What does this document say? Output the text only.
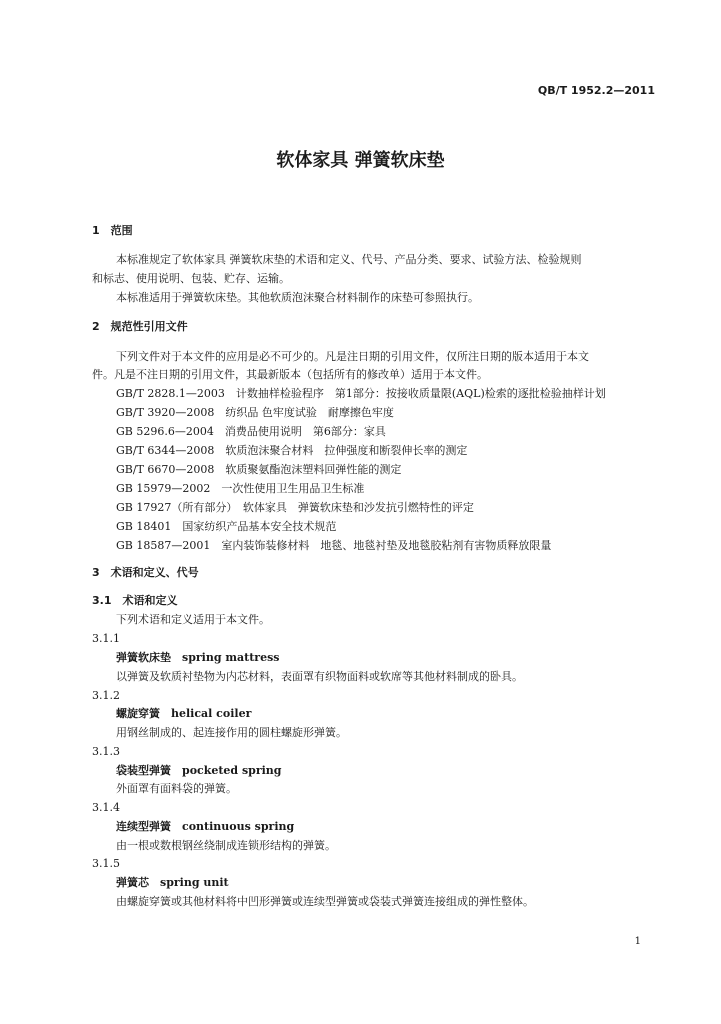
QB/T 1952.2—2011
软体家具 弹簧软床垫
1　范围
本标准规定了软体家具 弹簧软床垫的术语和定义、代号、产品分类、要求、试验方法、检验规则
和标志、使用说明、包装、贮存、运输。
本标准适用于弹簧软床垫。其他软质泡沫聚合材料制作的床垫可参照执行。
2　规范性引用文件
下列文件对于本文件的应用是必不可少的。凡是注日期的引用文件，仅所注日期的版本适用于本文
件。凡是不注日期的引用文件，其最新版本（包括所有的修改单）适用于本文件。
GB/T 2828.1—2003　计数抽样检验程序　第1部分：按接收质量限(AQL)检索的逐批检验抽样计划
GB/T 3920—2008　纺织品 色牢度试验　耐摩擦色牢度
GB 5296.6—2004　消费品使用说明　第6部分：家具
GB/T 6344—2008　软质泡沫聚合材料　拉伸强度和断裂伸长率的测定
GB/T 6670—2008　软质聚氨酯泡沫塑料回弹性能的测定
GB 15979—2002　一次性使用卫生用品卫生标准
GB 17927（所有部分）　软体家具　弹簧软床垫和沙发抗引燃特性的评定
GB 18401　国家纺织产品基本安全技术规范
GB 18587—2001　室内装饰装修材料　地毯、地毯衬垫及地毯胶粘剂有害物质释放限量
3　术语和定义、代号
3.1　术语和定义
下列术语和定义适用于本文件。
3.1.1
弹簧软床垫　spring mattress
以弹簧及软质衬垫物为内芯材料，表面罩有织物面料或软席等其他材料制成的卧具。
3.1.2
螺旋穿簧　helical coiler
用钢丝制成的、起连接作用的圆柱螺旋形弹簧。
3.1.3
袋装型弹簧　pocketed spring
外面罩有面料袋的弹簧。
3.1.4
连续型弹簧　continuous spring
由一根或数根钢丝绕制成连锁形结构的弹簧。
3.1.5
弹簧芯　spring unit
由螺旋穿簧或其他材料将中凹形弹簧或连续型弹簧或袋装式弹簧连接组成的弹性整体。
1
